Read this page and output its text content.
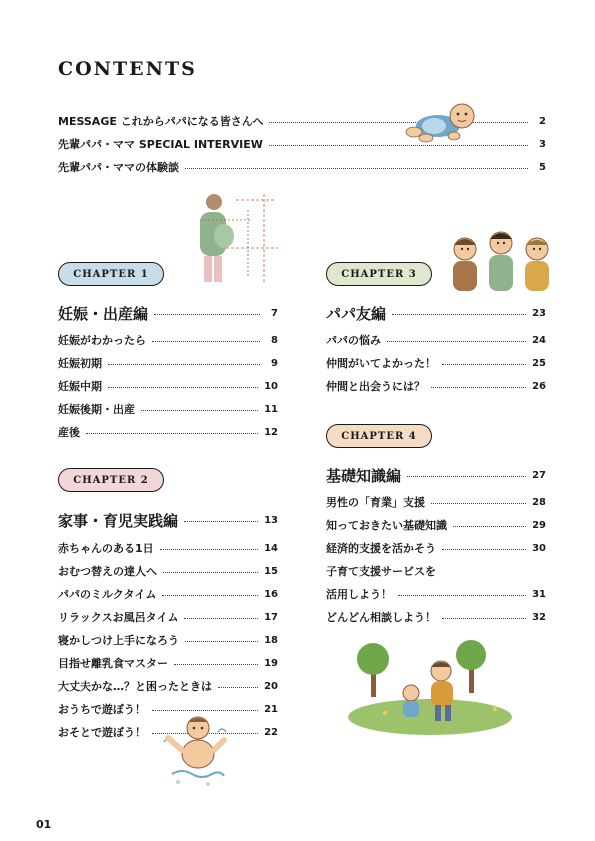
CONTENTS
MESSAGE これからパパになる皆さんへ	2
先輩パパ・ママ SPECIAL INTERVIEW	3
先輩パパ・ママの体験談	5
CHAPTER 1
妊娠・出産編	7
妊娠がわかったら	8
妊娠初期	9
妊娠中期	10
妊娠後期・出産	11
産後	12
CHAPTER 2
家事・育児実践編	13
赤ちゃんのある1日	14
おむつ替えの達人へ	15
パパのミルクタイム	16
リラックスお風呂タイム	17
寝かしつけ上手になろう	18
目指せ離乳食マスター	19
大丈夫かな…？と困ったときは	20
おうちで遊ぼう！	21
おそとで遊ぼう！	22
CHAPTER 3
パパ友編	23
パパの悩み	24
仲間がいてよかった！	25
仲間と出会うには？	26
CHAPTER 4
基礎知識編	27
男性の「育業」支援	28
知っておきたい基礎知識	29
経済的支援を活かそう	30
子育て支援サービスを
活用しよう！	31
どんどん相談しよう！	32
01
